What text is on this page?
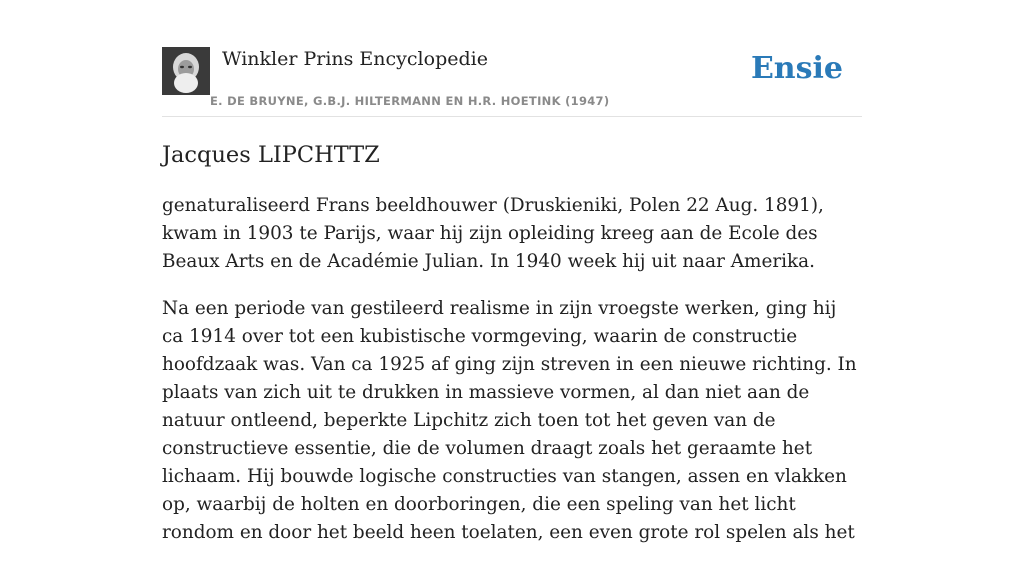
Winkler Prins Encyclopedie
E. DE BRUYNE, G.B.J. HILTERMANN EN H.R. HOETINK (1947)
Ensie
Jacques LIPCHTTZ

genaturaliseerd Frans beeldhouwer (Druskieniki, Polen 22 Aug. 1891), kwam in 1903 te Parijs, waar hij zijn opleiding kreeg aan de Ecole des Beaux Arts en de Académie Julian. In 1940 week hij uit naar Amerika.

Na een periode van gestileerd realisme in zijn vroegste werken, ging hij ca 1914 over tot een kubistische vormgeving, waarin de constructie hoofdzaak was. Van ca 1925 af ging zijn streven in een nieuwe richting. In plaats van zich uit te drukken in massieve vormen, al dan niet aan de natuur ontleend, beperkte Lipchitz zich toen tot het geven van de constructieve essentie, die de volumen draagt zoals het geraamte het lichaam. Hij bouwde logische constructies van stangen, assen en vlakken op, waarbij de holten en doorboringen, die een speling van het licht rondom en door het beeld heen toelaten, een even grote rol spelen als het
